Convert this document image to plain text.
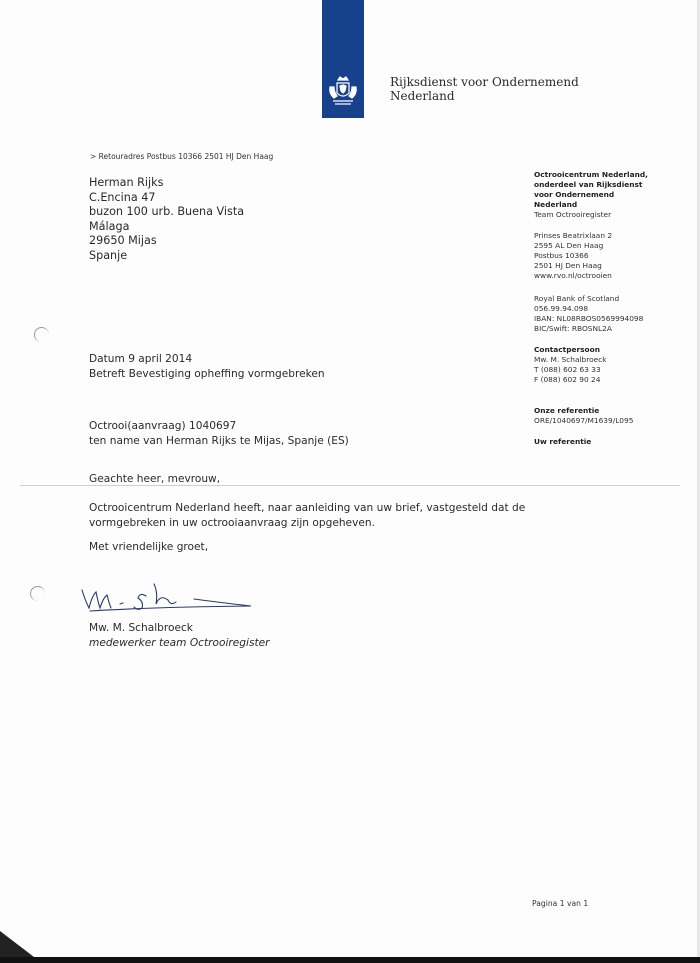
Rijksdienst voor Ondernemend
Nederland
> Retouradres Postbus 10366 2501 HJ Den Haag
Herman Rijks
C.Encina 47
buzon 100 urb. Buena Vista
Málaga
29650 Mijas
Spanje
Octrooicentrum Nederland,
onderdeel van Rijksdienst
voor Ondernemend
Nederland
Team Octrooiregister
Prinses Beatrixlaan 2
2595 AL Den Haag
Postbus 10366
2501 HJ Den Haag
www.rvo.nl/octrooien
Royal Bank of Scotland
056.99.94.098
IBAN: NL08RBOS0569994098
BIC/Swift: RBOSNL2A
Contactpersoon
Mw. M. Schalbroeck
T (088) 602 63 33
F (088) 602 90 24
Onze referentie
ORE/1040697/M1639/L095
Uw referentie
Datum 9 april 2014
Betreft Bevestiging opheffing vormgebreken
Octrooi(aanvraag) 1040697
ten name van Herman Rijks te Mijas, Spanje (ES)
Geachte heer, mevrouw,
Octrooicentrum Nederland heeft, naar aanleiding van uw brief, vastgesteld dat de
vormgebreken in uw octrooiaanvraag zijn opgeheven.
Met vriendelijke groet,
Mw. M. Schalbroeck
medewerker team Octrooiregister
Pagina 1 van 1
